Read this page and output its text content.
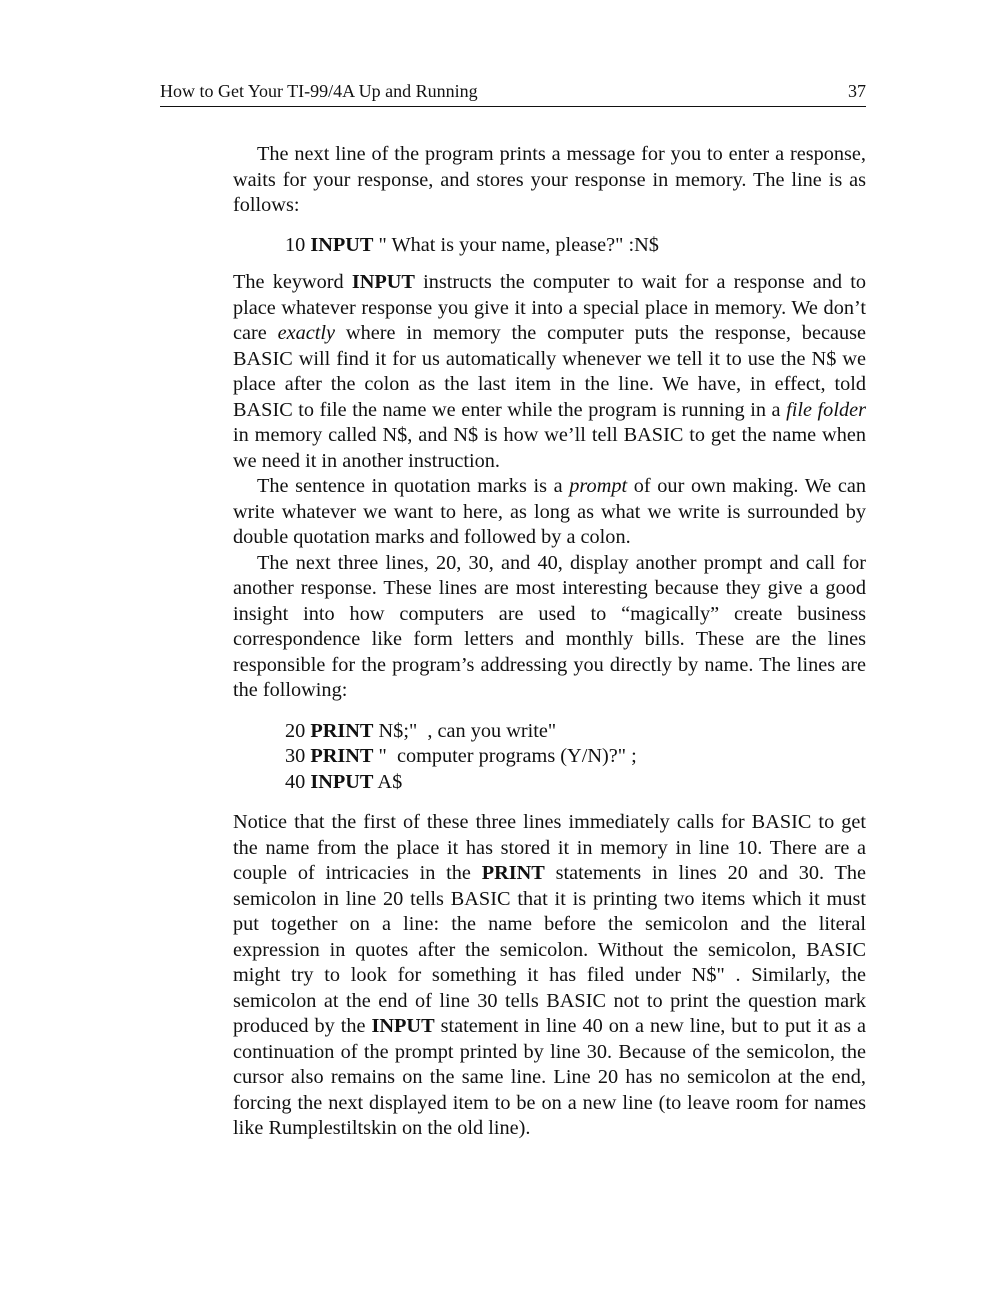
How to Get Your TI-99/4A Up and Running	37

The next line of the program prints a message for you to enter a response, waits for your response, and stores your response in memory. The line is as follows:

10 INPUT " What is your name, please?" :N$

The keyword INPUT instructs the computer to wait for a response and to place whatever response you give it into a special place in memory. We don’t care exactly where in memory the computer puts the response, because BASIC will find it for us automatically whenever we tell it to use the N$ we place after the colon as the last item in the line. We have, in effect, told BASIC to file the name we enter while the program is running in a file folder in memory called N$, and N$ is how we’ll tell BASIC to get the name when we need it in another instruction.

The sentence in quotation marks is a prompt of our own making. We can write whatever we want to here, as long as what we write is surrounded by double quotation marks and followed by a colon.

The next three lines, 20, 30, and 40, display another prompt and call for another response. These lines are most interesting because they give a good insight into how computers are used to “magically” create business correspondence like form letters and monthly bills. These are the lines responsible for the program’s addressing you directly by name. The lines are the following:

20 PRINT N$;"  , can you write"
30 PRINT "  computer programs (Y/N)?" ;
40 INPUT A$

Notice that the first of these three lines immediately calls for BASIC to get the name from the place it has stored it in memory in line 10. There are a couple of intricacies in the PRINT statements in lines 20 and 30. The semicolon in line 20 tells BASIC that it is printing two items which it must put together on a line: the name before the semicolon and the literal expression in quotes after the semicolon. Without the semicolon, BASIC might try to look for something it has filed under N$" . Similarly, the semicolon at the end of line 30 tells BASIC not to print the question mark produced by the INPUT statement in line 40 on a new line, but to put it as a continuation of the prompt printed by line 30. Because of the semicolon, the cursor also remains on the same line. Line 20 has no semicolon at the end, forcing the next displayed item to be on a new line (to leave room for names like Rumplestiltskin on the old line).
